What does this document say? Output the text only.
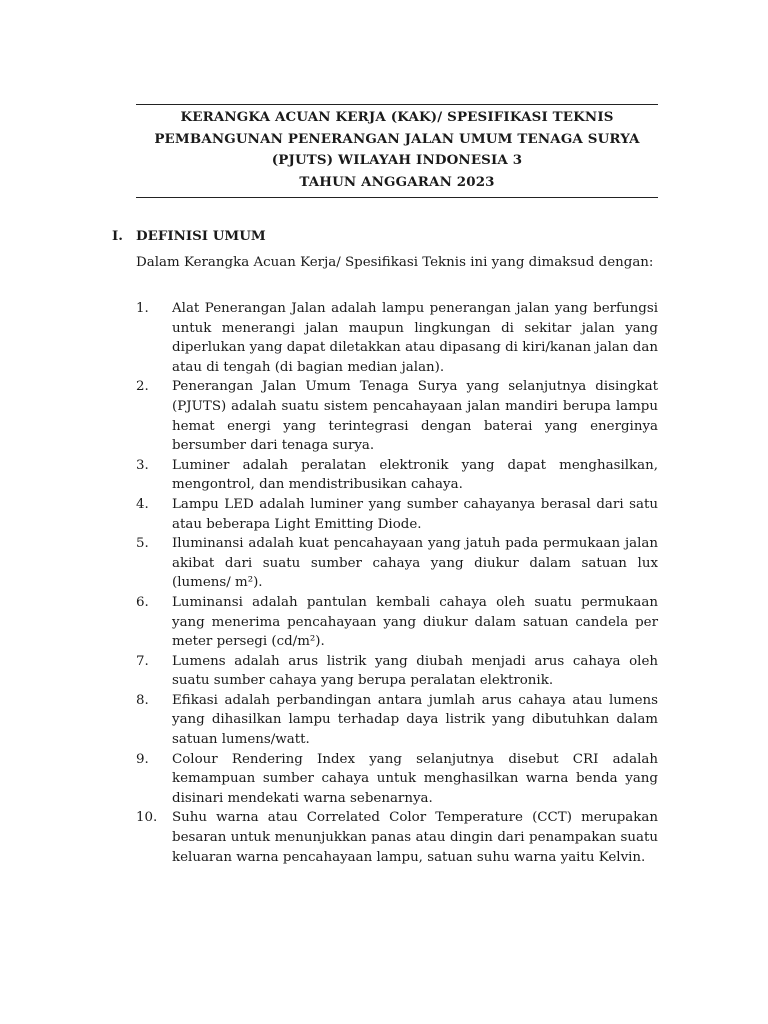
KERANGKA ACUAN KERJA (KAK)/ SPESIFIKASI TEKNIS
PEMBANGUNAN PENERANGAN JALAN UMUM TENAGA SURYA
(PJUTS) WILAYAH INDONESIA 3
TAHUN ANGGARAN 2023
I. DEFINISI UMUM
Dalam Kerangka Acuan Kerja/ Spesifikasi Teknis ini yang dimaksud dengan:
1.	Alat Penerangan Jalan adalah lampu penerangan jalan yang berfungsi untuk menerangi jalan maupun lingkungan di sekitar jalan yang diperlukan yang dapat diletakkan atau dipasang di kiri/kanan jalan dan atau di tengah (di bagian median jalan).
2.	Penerangan Jalan Umum Tenaga Surya yang selanjutnya disingkat (PJUTS) adalah suatu sistem pencahayaan jalan mandiri berupa lampu hemat energi yang terintegrasi dengan baterai yang energinya bersumber dari tenaga surya.
3.	Luminer adalah peralatan elektronik yang dapat menghasilkan, mengontrol, dan mendistribusikan cahaya.
4.	Lampu LED adalah luminer yang sumber cahayanya berasal dari satu atau beberapa Light Emitting Diode.
5.	Iluminansi adalah kuat pencahayaan yang jatuh pada permukaan jalan akibat dari suatu sumber cahaya yang diukur dalam satuan lux (lumens/ m²).
6.	Luminansi adalah pantulan kembali cahaya oleh suatu permukaan yang menerima pencahayaan yang diukur dalam satuan candela per meter persegi (cd/m²).
7.	Lumens adalah arus listrik yang diubah menjadi arus cahaya oleh suatu sumber cahaya yang berupa peralatan elektronik.
8.	Efikasi adalah perbandingan antara jumlah arus cahaya atau lumens yang dihasilkan lampu terhadap daya listrik yang dibutuhkan dalam satuan lumens/watt.
9.	Colour Rendering Index yang selanjutnya disebut CRI adalah kemampuan sumber cahaya untuk menghasilkan warna benda yang disinari mendekati warna sebenarnya.
10.	Suhu warna atau Correlated Color Temperature (CCT) merupakan besaran untuk menunjukkan panas atau dingin dari penampakan suatu keluaran warna pencahayaan lampu, satuan suhu warna yaitu Kelvin.
